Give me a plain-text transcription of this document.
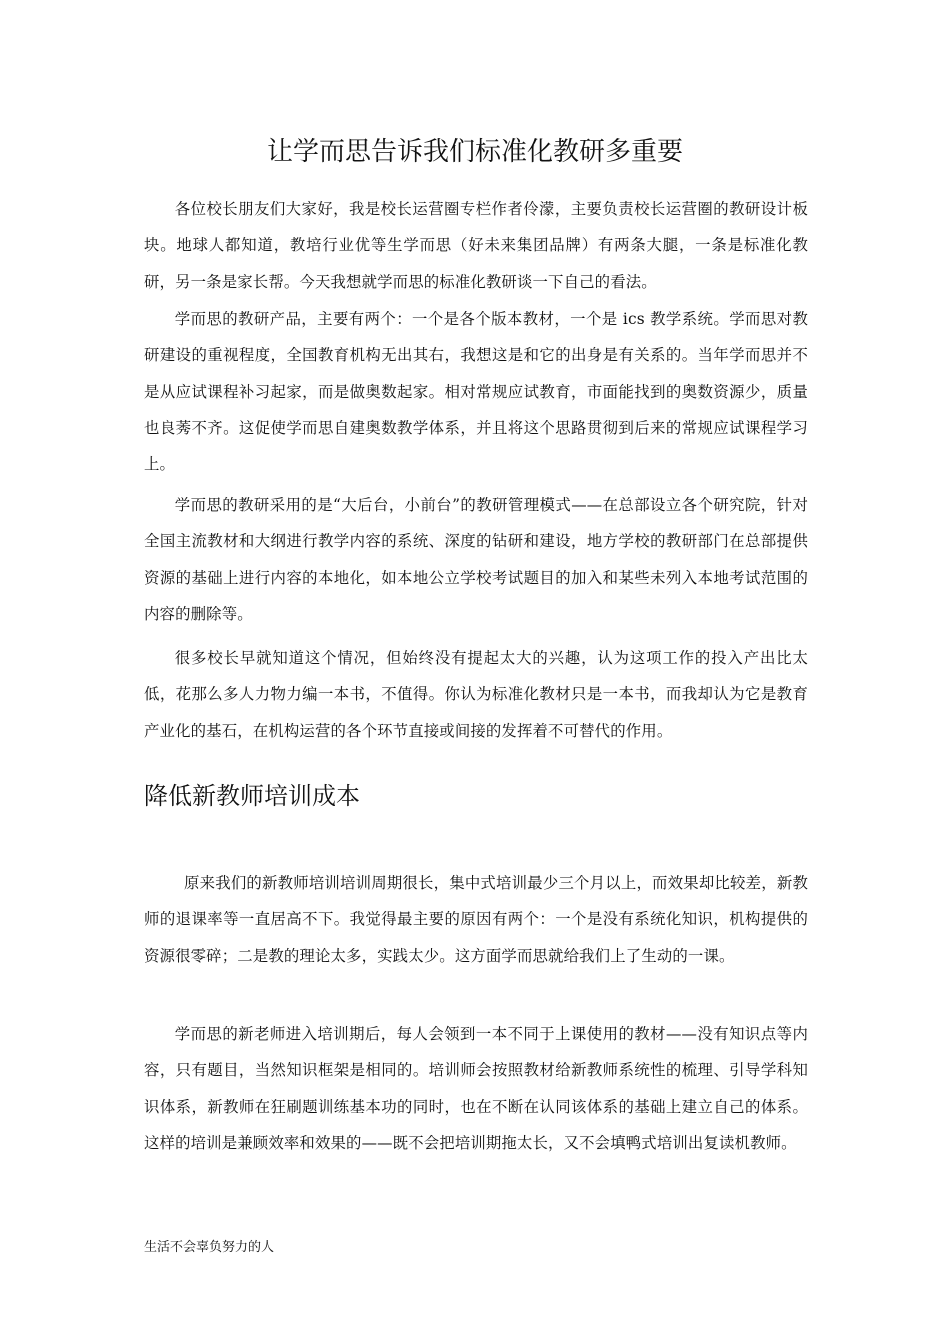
让学而思告诉我们标准化教研多重要

各位校长朋友们大家好，我是校长运营圈专栏作者伶濛，主要负责校长运营圈的教研设计板块。地球人都知道，教培行业优等生学而思（好未来集团品牌）有两条大腿，一条是标准化教研，另一条是家长帮。今天我想就学而思的标准化教研谈一下自己的看法。

学而思的教研产品，主要有两个：一个是各个版本教材，一个是 ics 教学系统。学而思对教研建设的重视程度，全国教育机构无出其右，我想这是和它的出身是有关系的。当年学而思并不是从应试课程补习起家，而是做奥数起家。相对常规应试教育，市面能找到的奥数资源少，质量也良莠不齐。这促使学而思自建奥数教学体系，并且将这个思路贯彻到后来的常规应试课程学习上。

学而思的教研采用的是“大后台，小前台”的教研管理模式——在总部设立各个研究院，针对全国主流教材和大纲进行教学内容的系统、深度的钻研和建设，地方学校的教研部门在总部提供资源的基础上进行内容的本地化，如本地公立学校考试题目的加入和某些未列入本地考试范围的内容的删除等。

很多校长早就知道这个情况，但始终没有提起太大的兴趣，认为这项工作的投入产出比太低，花那么多人力物力编一本书，不值得。你认为标准化教材只是一本书，而我却认为它是教育产业化的基石，在机构运营的各个环节直接或间接的发挥着不可替代的作用。

降低新教师培训成本

原来我们的新教师培训培训周期很长，集中式培训最少三个月以上，而效果却比较差，新教师的退课率等一直居高不下。我觉得最主要的原因有两个：一个是没有系统化知识，机构提供的资源很零碎；二是教的理论太多，实践太少。这方面学而思就给我们上了生动的一课。

学而思的新老师进入培训期后，每人会领到一本不同于上课使用的教材——没有知识点等内容，只有题目，当然知识框架是相同的。培训师会按照教材给新教师系统性的梳理、引导学科知识体系，新教师在狂刷题训练基本功的同时，也在不断在认同该体系的基础上建立自己的体系。这样的培训是兼顾效率和效果的——既不会把培训期拖太长，又不会填鸭式培训出复读机教师。

生活不会辜负努力的人
